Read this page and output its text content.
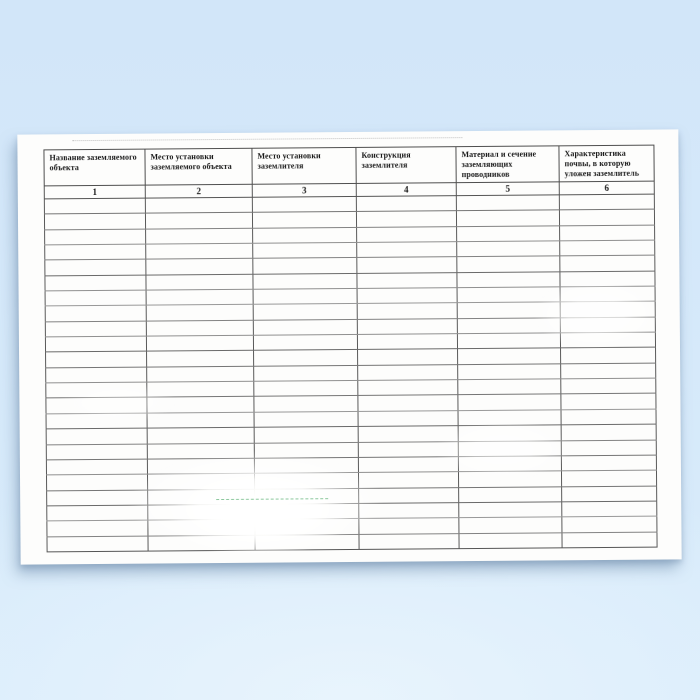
Название заземляемого объекта	Место установки заземляемого объекта	Место установки заземлителя	Конструкция заземлителя	Материал и сечение заземляющих проводников	Характеристика почвы, в которую уложен заземлитель
1	2	3	4	5	6
